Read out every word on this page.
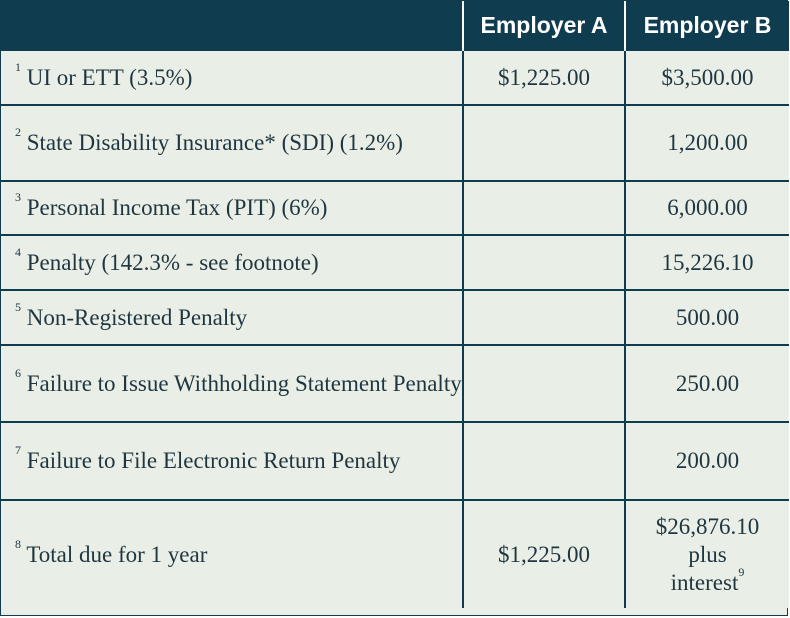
	Employer A	Employer B
$^1$ UI or ETT (3.5%)	$1,225.00	$3,500.00
$^2$ State Disability Insurance* (SDI) (1.2%)		1,200.00
$^3$ Personal Income Tax (PIT) (6%)		6,000.00
$^4$ Penalty (142.3% - see footnote)		15,226.10
$^5$ Non-Registered Penalty		500.00
$^6$ Failure to Issue Withholding Statement Penalty		250.00
$^7$ Failure to File Electronic Return Penalty		200.00
$^8$ Total due for 1 year	$1,225.00	$26,876.10
plus
interest$^9$
